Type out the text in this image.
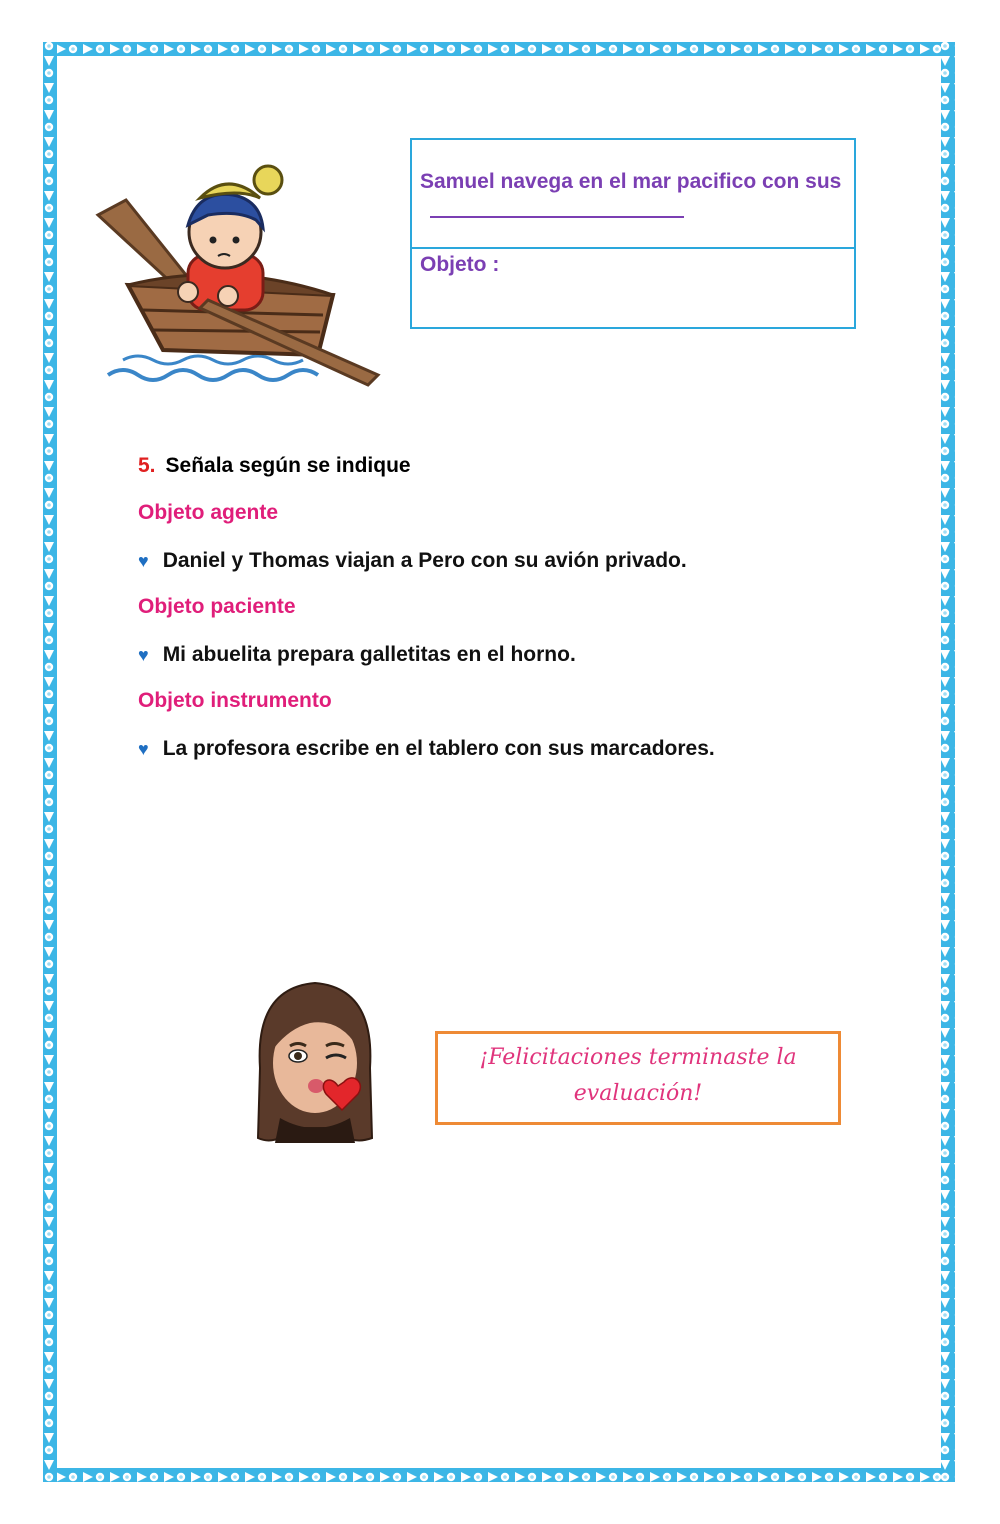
Samuel navega en el mar pacifico con sus
Objeto :
5. Señala según se indique
Objeto agente
♥ Daniel y Thomas viajan a Pero con su avión privado.
Objeto paciente
♥ Mi abuelita prepara galletitas en el horno.
Objeto instrumento
♥ La profesora escribe en el tablero con sus marcadores.
¡Felicitaciones terminaste la
evaluación!
